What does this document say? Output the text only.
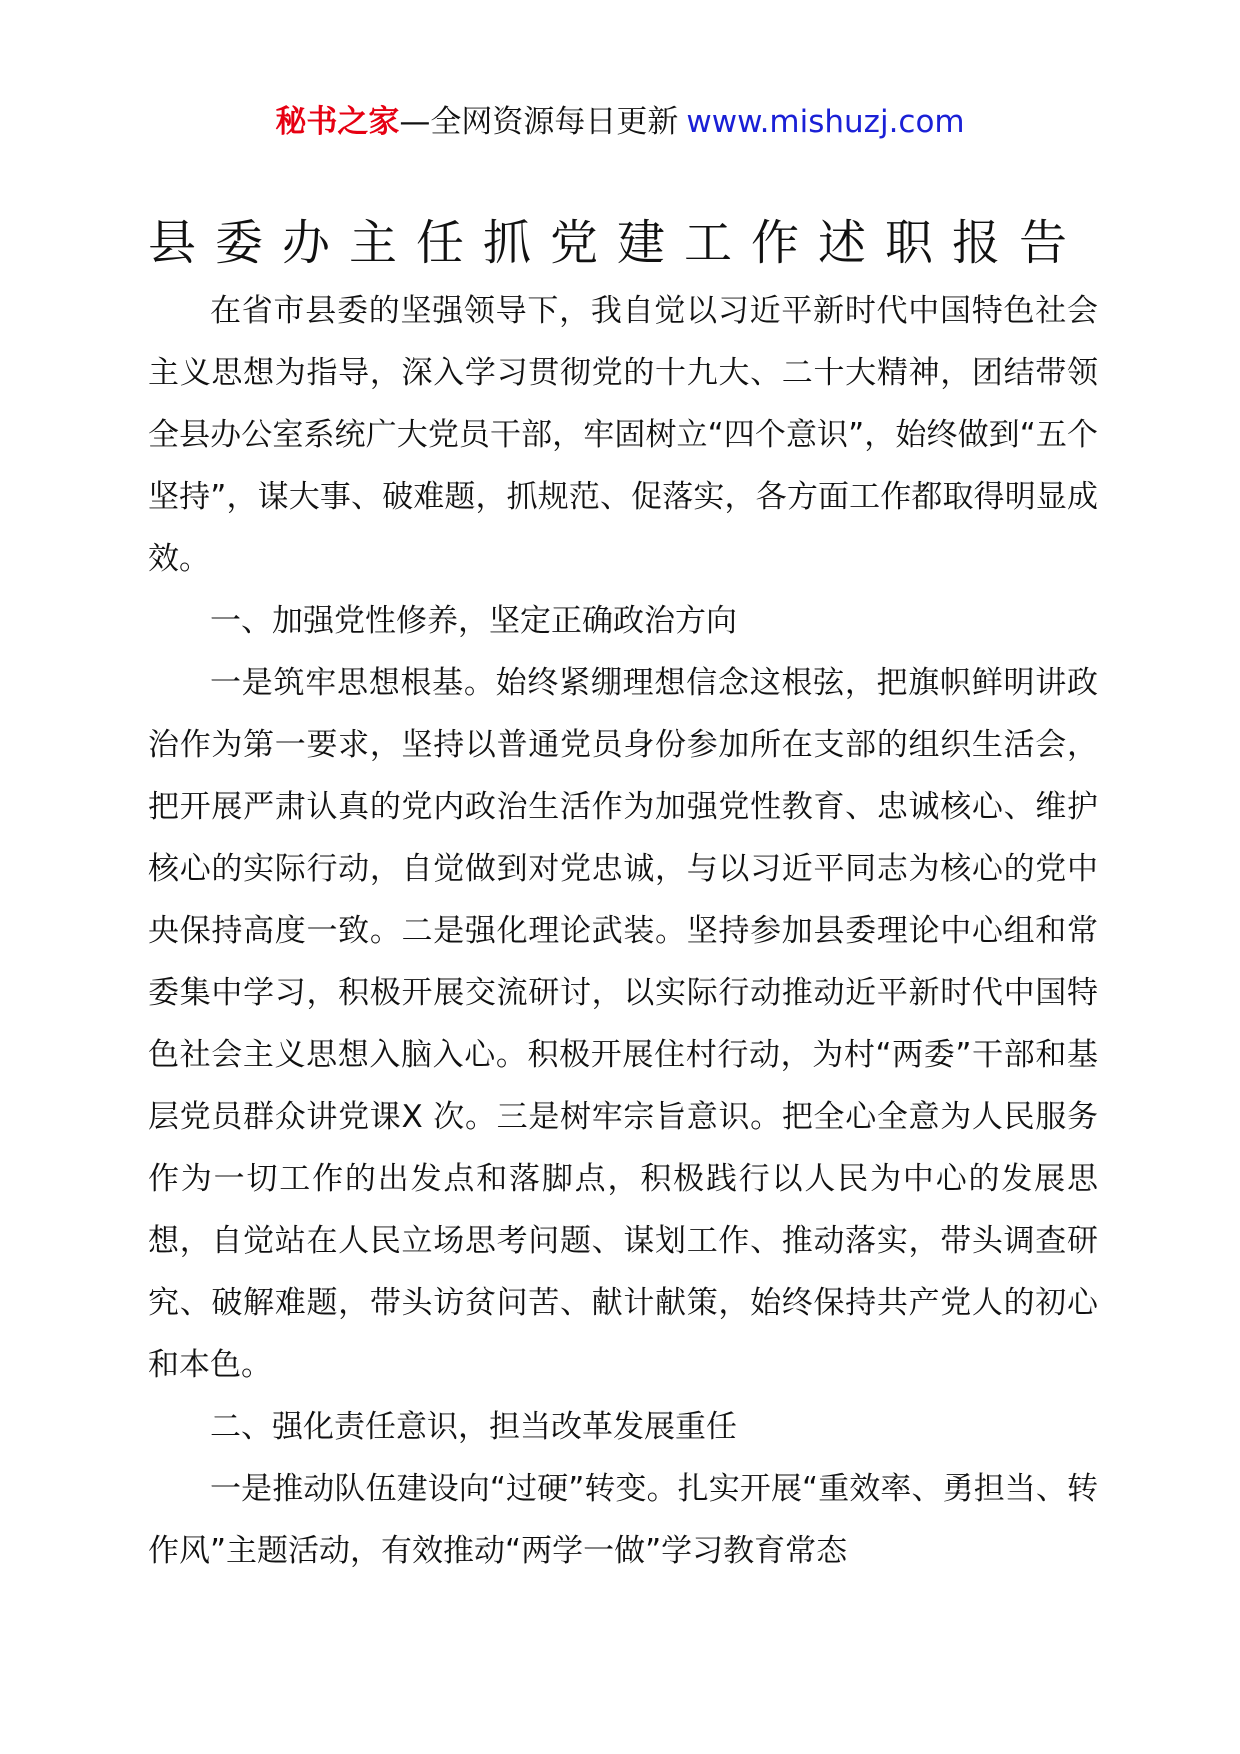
秘书之家—全网资源每日更新 www.mishuzj.com
县委办主任抓党建工作述职报告

在省市县委的坚强领导下，我自觉以习近平新时代中国特色社会主义思想为指导，深入学习贯彻党的十九大、二十大精神，团结带领全县办公室系统广大党员干部，牢固树立“四个意识”，始终做到“五个坚持”，谋大事、破难题，抓规范、促落实，各方面工作都取得明显成效。

一、加强党性修养，坚定正确政治方向

一是筑牢思想根基。始终紧绷理想信念这根弦，把旗帜鲜明讲政治作为第一要求，坚持以普通党员身份参加所在支部的组织生活会，把开展严肃认真的党内政治生活作为加强党性教育、忠诚核心、维护核心的实际行动，自觉做到对党忠诚，与以习近平同志为核心的党中央保持高度一致。二是强化理论武装。坚持参加县委理论中心组和常委集中学习，积极开展交流研讨，以实际行动推动近平新时代中国特色社会主义思想入脑入心。积极开展住村行动，为村“两委”干部和基层党员群众讲党课X 次。三是树牢宗旨意识。把全心全意为人民服务作为一切工作的出发点和落脚点，积极践行以人民为中心的发展思想，自觉站在人民立场思考问题、谋划工作、推动落实，带头调查研究、破解难题，带头访贫问苦、献计献策，始终保持共产党人的初心和本色。

二、强化责任意识，担当改革发展重任

一是推动队伍建设向“过硬”转变。扎实开展“重效率、勇担当、转作风”主题活动，有效推动“两学一做”学习教育常态
